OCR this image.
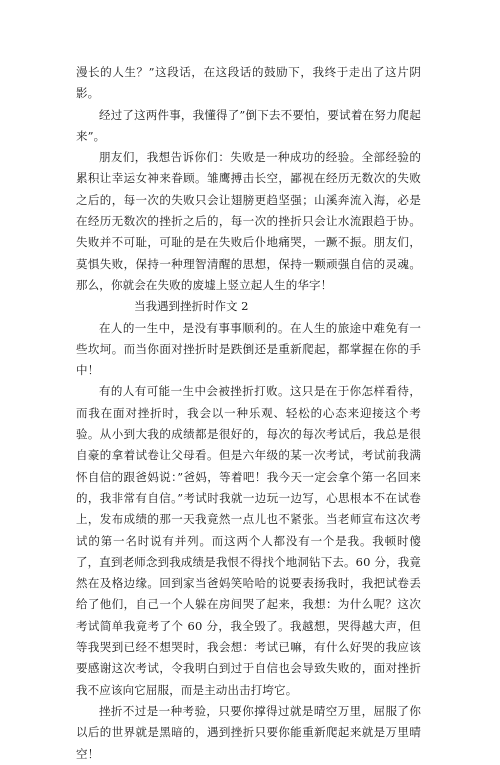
漫长的人生？”这段话，在这段话的鼓励下，我终于走出了这片阴影。

经过了这两件事，我懂得了”倒下去不要怕，要试着在努力爬起来”。

朋友们，我想告诉你们：失败是一种成功的经验。全部经验的累积让幸运女神来眷顾。雏鹰搏击长空，鄙视在经历无数次的失败之后的，每一次的失败只会让翅膀更趋坚强；山溪奔流入海，必是在经历无数次的挫折之后的，每一次的挫折只会让水流跟趋于协。失败并不可耻，可耻的是在失败后仆地痛哭，一蹶不振。朋友们，莫惧失败，保持一种理智清醒的思想，保持一颗顽强自信的灵魂。那么，你就会在失败的废墟上竖立起人生的华字！

当我遇到挫折时作文 2

在人的一生中，是没有事事顺利的。在人生的旅途中难免有一些坎坷。而当你面对挫折时是跌倒还是重新爬起，都掌握在你的手中！

有的人有可能一生中会被挫折打败。这只是在于你怎样看待，而我在面对挫折时，我会以一种乐观、轻松的心态来迎接这个考验。从小到大我的成绩都是很好的，每次的每次考试后，我总是很自豪的拿着试卷让父母看。但是六年级的某一次考试，考试前我满怀自信的跟爸妈说：”爸妈，等着吧！我今天一定会拿个第一名回来的，我非常有自信。”考试时我就一边玩一边写，心思根本不在试卷上，发布成绩的那一天我竟然一点儿也不紧张。当老师宣布这次考试的第一名时说有并列。而这两个人都没有一个是我。我顿时傻了，直到老师念到我成绩是我恨不得找个地洞钻下去。60 分，我竟然在及格边缘。回到家当爸妈笑哈哈的说要表扬我时，我把试卷丢给了他们，自己一个人躲在房间哭了起来，我想：为什么呢？这次考试简单我竟考了个 60 分，我全毁了。我越想，哭得越大声，但等我哭到已经不想哭时，我会想：考试已嘛，有什么好哭的我应该要感谢这次考试，令我明白到过于自信也会导致失败的，面对挫折我不应该向它屈服，而是主动出击打垮它。

挫折不过是一种考验，只要你撑得过就是晴空万里，屈服了你以后的世界就是黑暗的，遇到挫折只要你能重新爬起来就是万里晴空！
